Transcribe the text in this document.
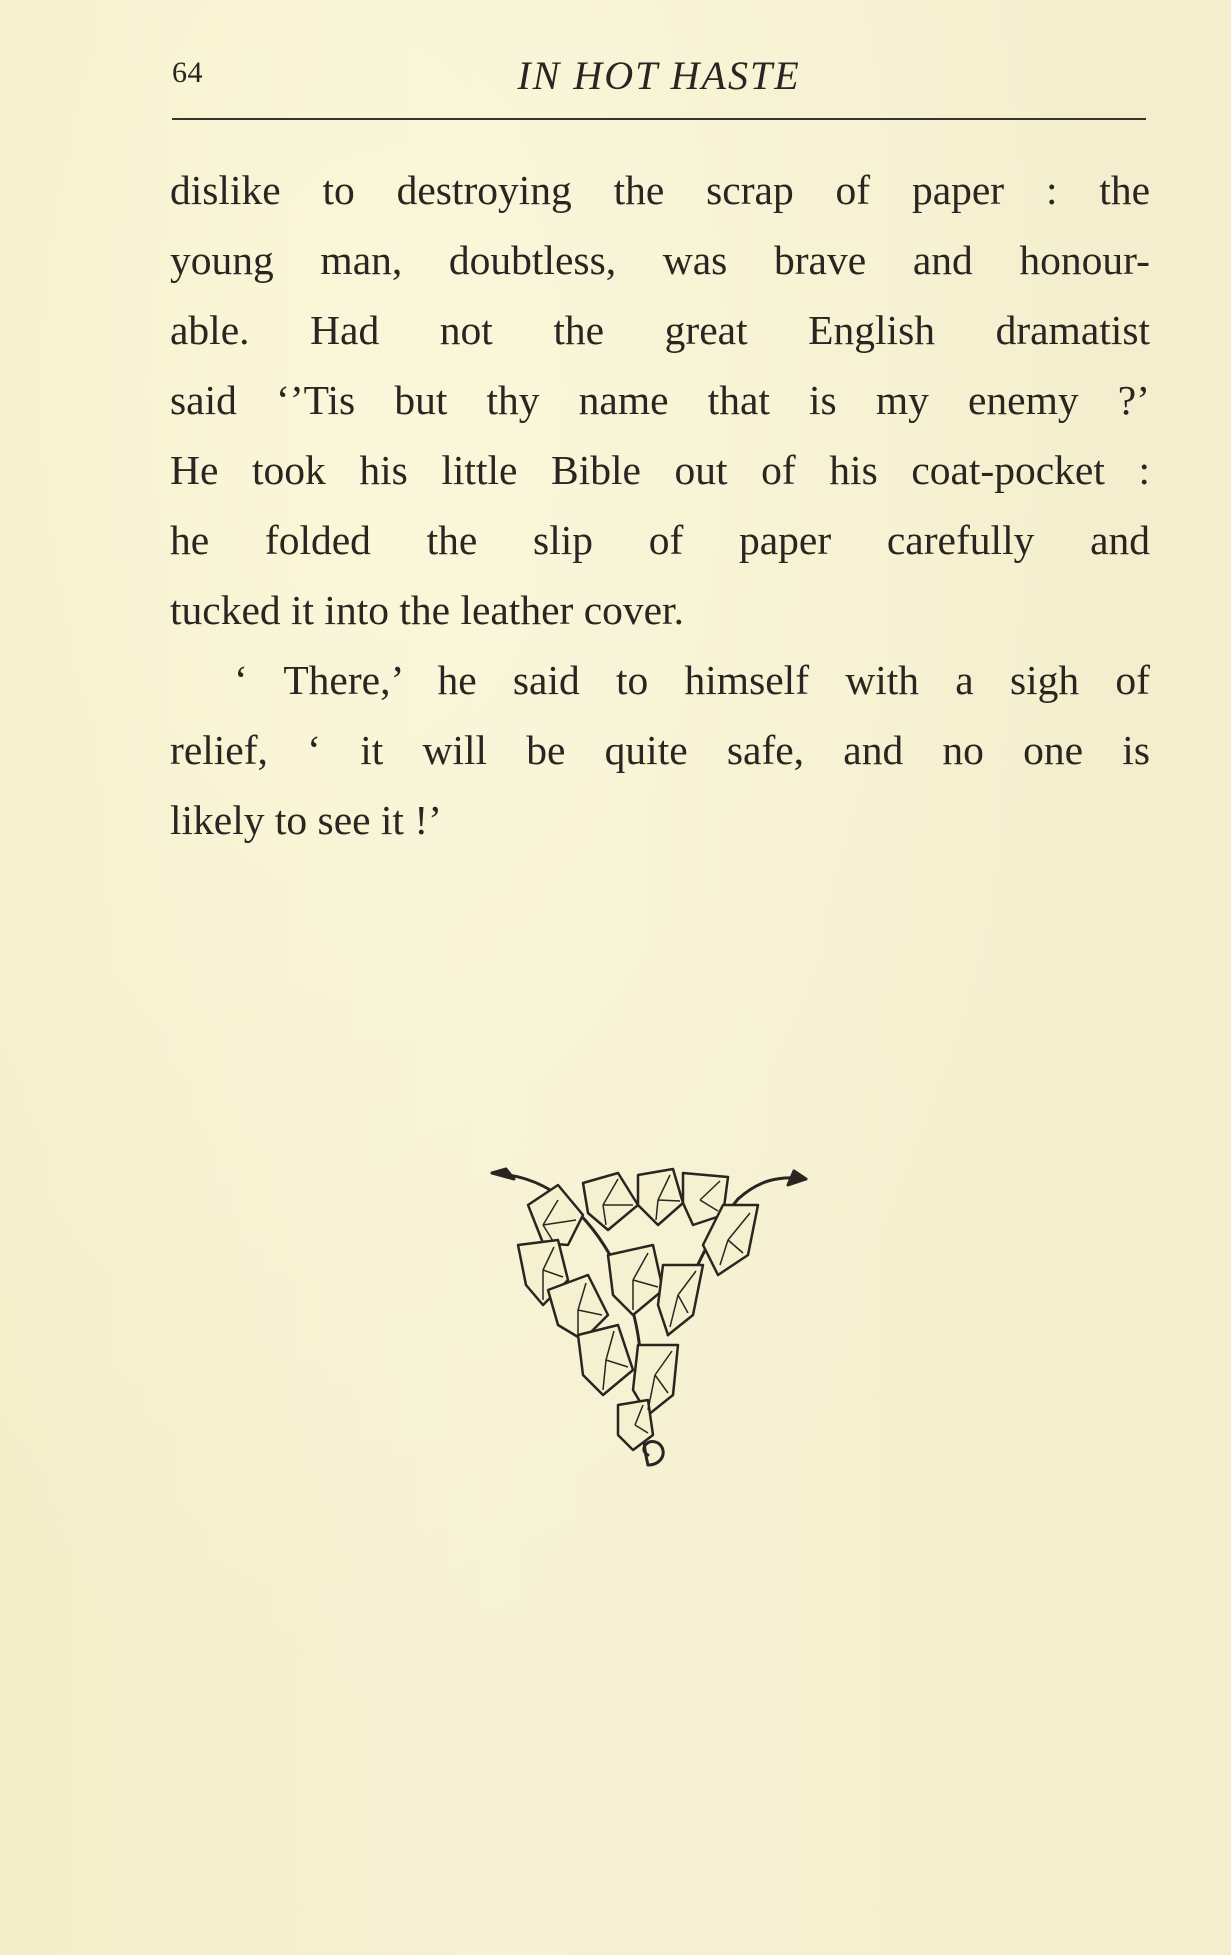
64	IN HOT HASTE
dislike to destroying the scrap of paper : the
young man, doubtless, was brave and honour-
able. Had not the great English dramatist
said ‘’Tis but thy name that is my enemy ?’
He took his little Bible out of his coat-pocket :
he folded the slip of paper carefully and
tucked it into the leather cover.
‘ There,’ he said to himself with a sigh of
relief, ‘ it will be quite safe, and no one is
likely to see it !’
